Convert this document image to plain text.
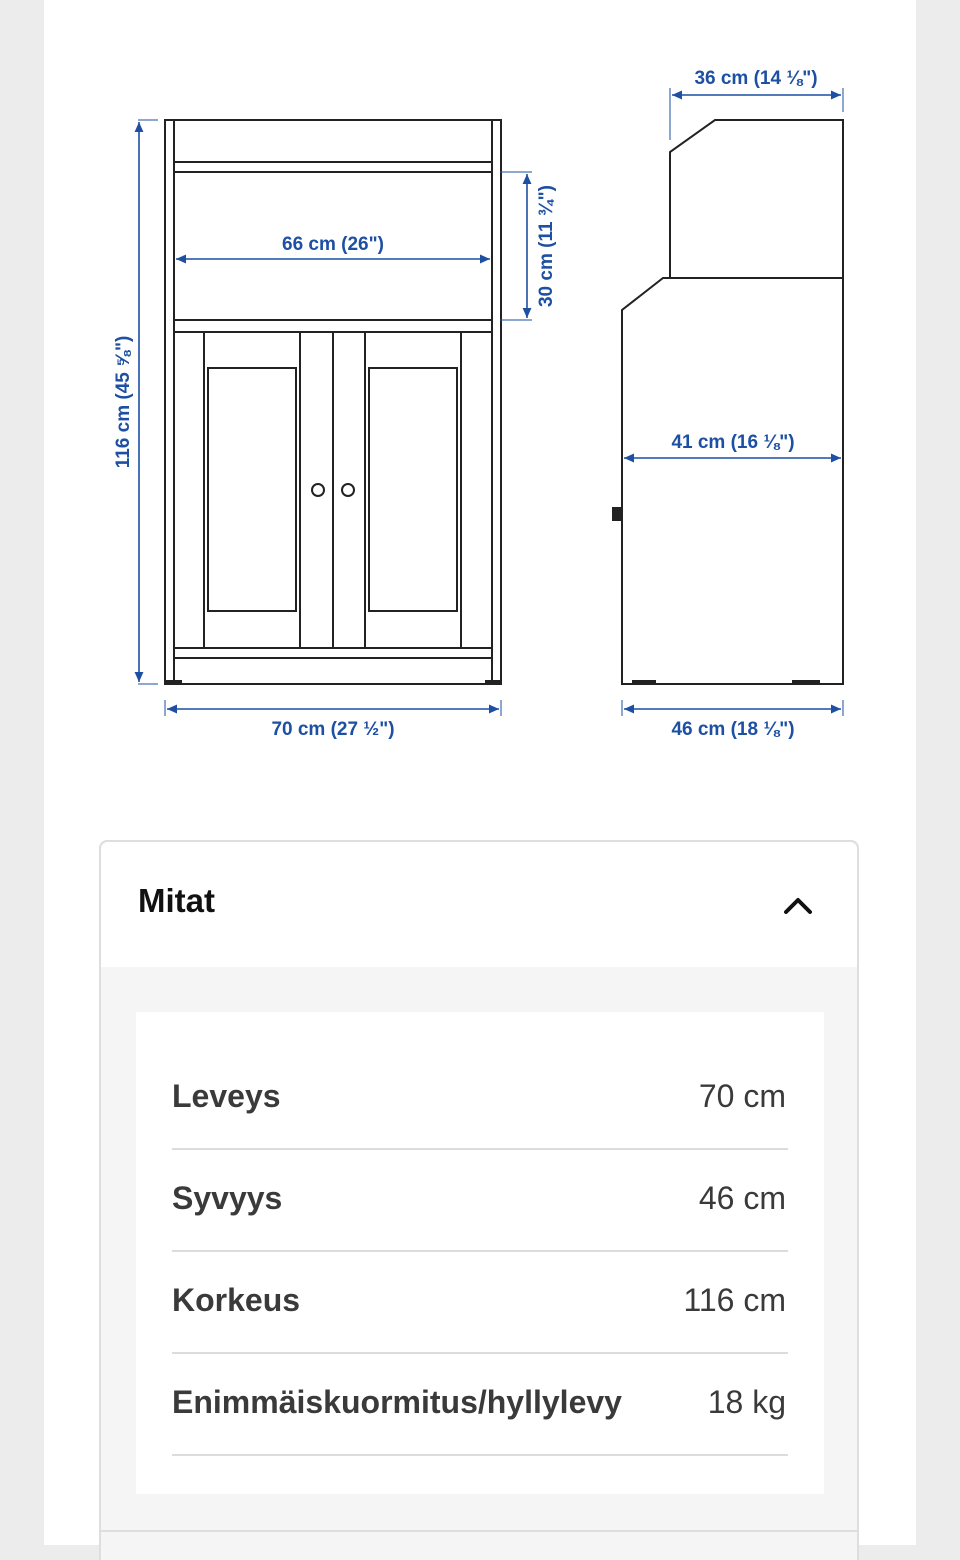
70 cm (27 ½")
66 cm (26")
116 cm (45 ⅝")
30 cm (11 ¾")
36 cm (14 ⅛")
41 cm (16 ⅛")
46 cm (18 ⅛")
Mitat
Leveys	70 cm
Syvyys	46 cm
Korkeus	116 cm
Enimmäiskuormitus/hyllylevy	18 kg
